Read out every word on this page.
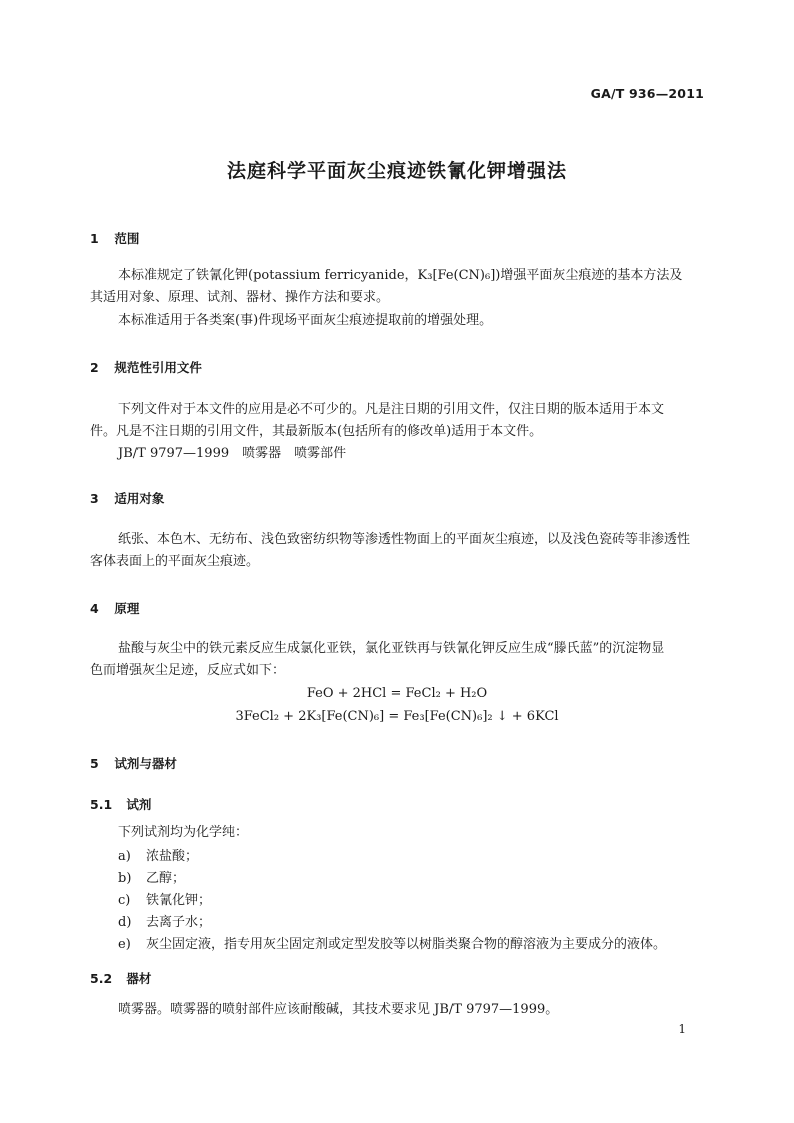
GA/T 936—2011
法庭科学平面灰尘痕迹铁氰化钾增强法
1 范围
本标准规定了铁氰化钾(potassium ferricyanide，K₃[Fe(CN)₆])增强平面灰尘痕迹的基本方法及
其适用对象、原理、试剂、器材、操作方法和要求。
本标准适用于各类案(事)件现场平面灰尘痕迹提取前的增强处理。
2 规范性引用文件
下列文件对于本文件的应用是必不可少的。凡是注日期的引用文件，仅注日期的版本适用于本文
件。凡是不注日期的引用文件，其最新版本(包括所有的修改单)适用于本文件。
JB/T 9797—1999　喷雾器　喷雾部件
3 适用对象
纸张、本色木、无纺布、浅色致密纺织物等渗透性物面上的平面灰尘痕迹，以及浅色瓷砖等非渗透性
客体表面上的平面灰尘痕迹。
4 原理
盐酸与灰尘中的铁元素反应生成氯化亚铁，氯化亚铁再与铁氰化钾反应生成“滕氏蓝”的沉淀物显
色而增强灰尘足迹，反应式如下：
FeO + 2HCl = FeCl₂ + H₂O
3FeCl₂ + 2K₃[Fe(CN)₆] = Fe₃[Fe(CN)₆]₂ ↓ + 6KCl
5 试剂与器材
5.1 试剂
下列试剂均为化学纯：
a) 浓盐酸；
b) 乙醇；
c) 铁氰化钾；
d) 去离子水；
e) 灰尘固定液，指专用灰尘固定剂或定型发胶等以树脂类聚合物的醇溶液为主要成分的液体。
5.2 器材
喷雾器。喷雾器的喷射部件应该耐酸碱，其技术要求见 JB/T 9797—1999。
1
